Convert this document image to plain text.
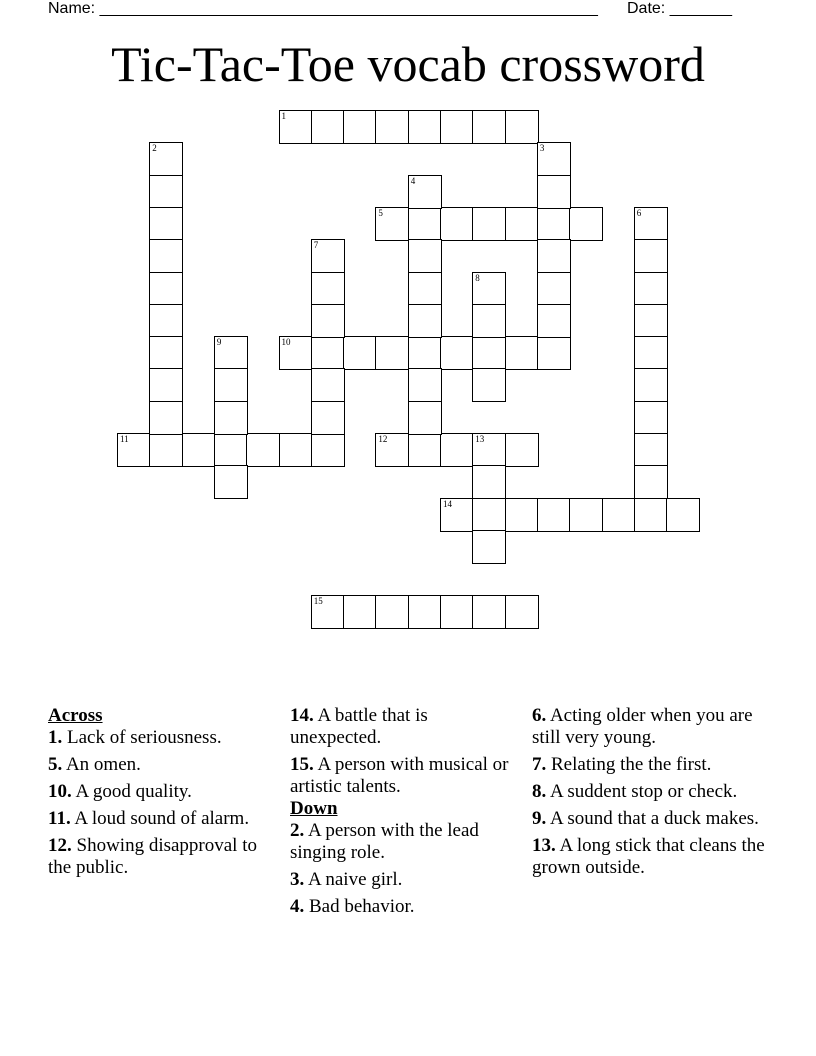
Name: ________________________________________________________ Date: _______
Tic-Tac-Toe vocab crossword
1
5
10
11	12	13
14
15
2	3
4
6
7
8
9
Across
1. Lack of seriousness.
5. An omen.
10. A good quality.
11. A loud sound of alarm.
12. Showing disapproval to the public.
14. A battle that is unexpected.
15. A person with musical or artistic talents.
Down
2. A person with the lead singing role.
3. A naive girl.
4. Bad behavior.
6. Acting older when you are still very young.
7. Relating the the first.
8. A suddent stop or check.
9. A sound that a duck makes.
13. A long stick that cleans the grown outside.
